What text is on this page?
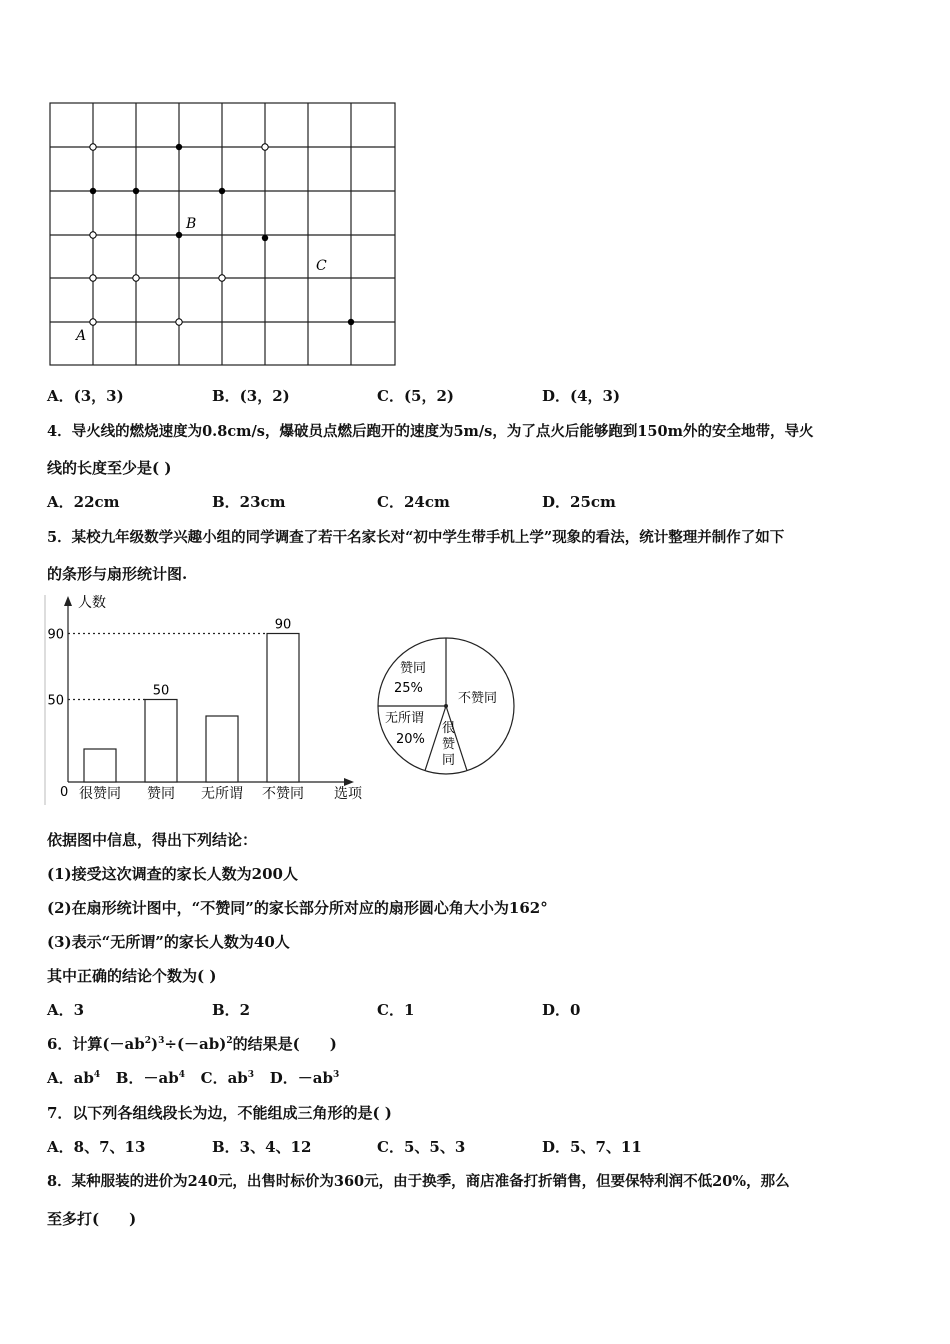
B
C
A
A．(3，3)	B．(3，2)	C．(5，2)	D．(4，3)
4．导火线的燃烧速度为0.8cm/s，爆破员点燃后跑开的速度为5m/s，为了点火后能够跑到150m外的安全地带，导火
线的长度至少是( )
A．22cm	B．23cm	C．24cm	D．25cm
5．某校九年级数学兴趣小组的同学调查了若干名家长对“初中学生带手机上学”现象的看法，统计整理并制作了如下
的条形与扇形统计图.
人数
选项
0
50
90
50
90
很赞同 赞同 无所谓 不赞同
赞同
25%
不赞同
无所谓
20%
很赞同
依据图中信息，得出下列结论：
(1)接受这次调查的家长人数为200人
(2)在扇形统计图中，“不赞同”的家长部分所对应的扇形圆心角大小为162°
(3)表示“无所谓”的家长人数为40人
其中正确的结论个数为( )
A．3	B．2	C．1	D．0
6．计算$(-ab^2)^3\div(-ab)^2$的结果是(　　)
A．$ab^4$ B．$-ab^4$ C．$ab^3$ D．$-ab^3$
7．以下列各组线段长为边，不能组成三角形的是( )
A．8、7、13	B．3、4、12	C．5、5、3	D．5、7、11
8．某种服装的进价为240元，出售时标价为360元，由于换季，商店准备打折销售，但要保特利润不低20%，那么
至多打(　　)
